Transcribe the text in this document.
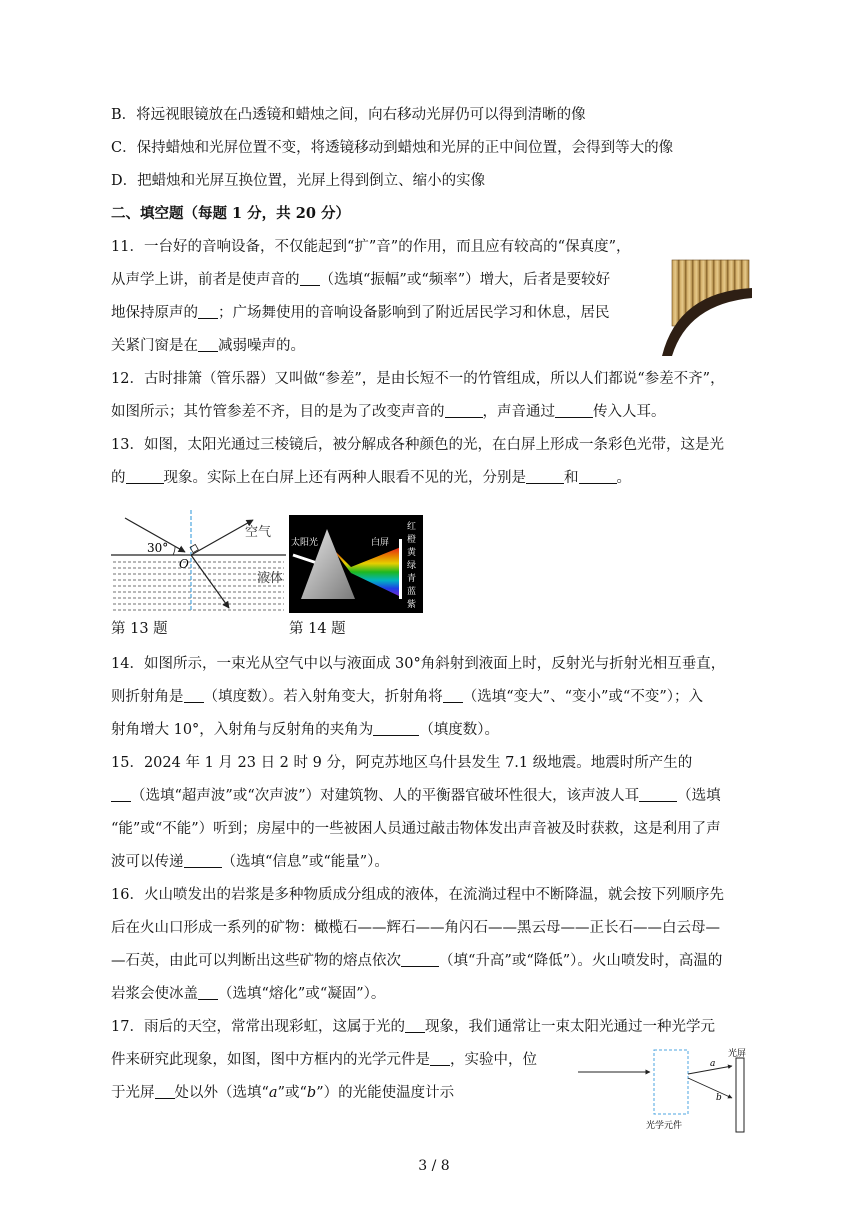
B．将远视眼镜放在凸透镜和蜡烛之间，向右移动光屏仍可以得到清晰的像
C．保持蜡烛和光屏位置不变，将透镜移动到蜡烛和光屏的正中间位置，会得到等大的像
D．把蜡烛和光屏互换位置，光屏上得到倒立、缩小的实像
二、填空题（每题 1 分，共 20 分）
11．一台好的音响设备，不仅能起到“扩”音”的作用，而且应有较高的“保真度”，
从声学上讲，前者是使声音的 （选填“振幅”或“频率”）增大，后者是要较好
地保持原声的 ；广场舞使用的音响设备影响到了附近居民学习和休息，居民
关紧门窗是在 减弱噪声的。
12．古时排箫（管乐器）又叫做“参差”，是由长短不一的竹管组成，所以人们都说“参差不齐”，
如图所示；其竹管参差不齐，目的是为了改变声音的	，声音通过	传入人耳。
13．如图，太阳光通过三棱镜后，被分解成各种颜色的光，在白屏上形成一条彩色光带，这是光
的	现象。实际上在白屏上还有两种人眼看不见的光，分别是	和	。
30°
空气
O
液体
第 13 题
太阳光	白屏
红
橙
黄
绿
青
蓝
紫
第 14 题
14．如图所示，一束光从空气中以与液面成 30°角斜射到液面上时，反射光与折射光相互垂直，
则折射角是 （填度数）。若入射角变大，折射角将 （选填“变大”、“变小”或“不变”）；入
射角增大 10°，入射角与反射角的夹角为	（填度数）。
15．2024 年 1 月 23 日 2 时 9 分，阿克苏地区乌什县发生 7.1 级地震。地震时所产生的
（选填“超声波”或“次声波”）对建筑物、人的平衡器官破坏性很大，该声波人耳	（选填
“能”或“不能”）听到；房屋中的一些被困人员通过敲击物体发出声音被及时获救，这是利用了声
波可以传递	（选填“信息”或“能量”）。
16．火山喷发出的岩浆是多种物质成分组成的液体，在流淌过程中不断降温，就会按下列顺序先
后在火山口形成一系列的矿物：橄榄石——辉石——角闪石——黑云母——正长石——白云母—
—石英，由此可以判断出这些矿物的熔点依次	（填“升高”或“降低”）。火山喷发时，高温的
岩浆会使冰盖 （选填“熔化”或“凝固”）。
17．雨后的天空，常常出现彩虹，这属于光的 现象，我们通常让一束太阳光通过一种光学元
件来研究此现象，如图，图中方框内的光学元件是 ，实验中，位
于光屏 处以外（选填“a”或“b”）的光能使温度计示
光屏
光学元件
a
b
3 / 8
